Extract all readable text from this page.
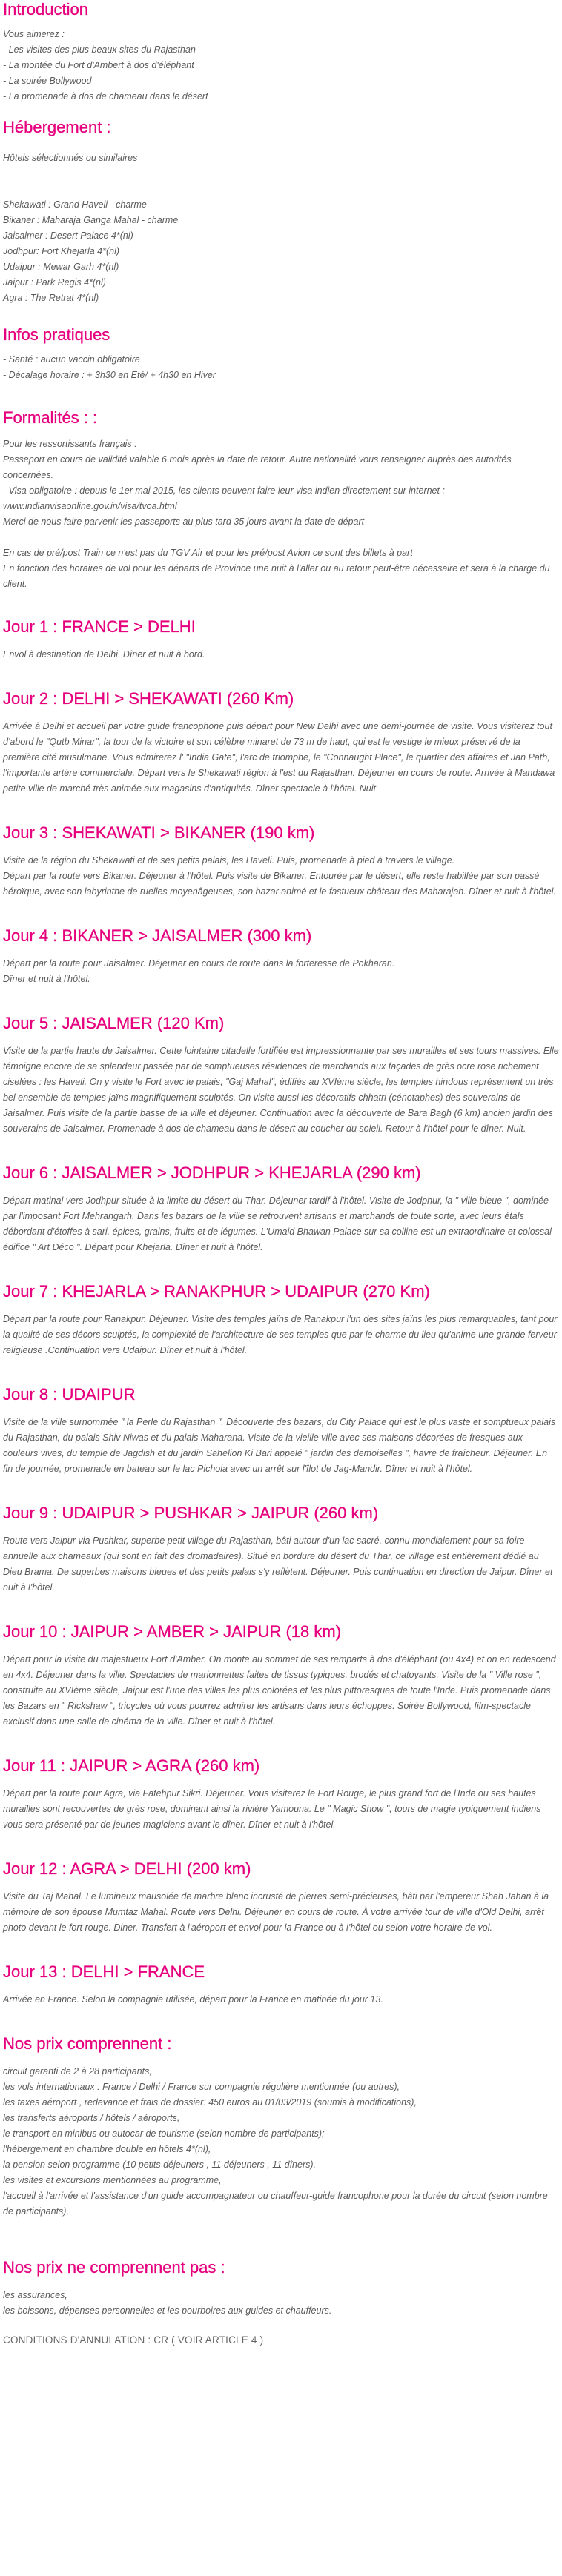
Introduction
Vous aimerez :
- Les visites des plus beaux sites du Rajasthan
- La montée du Fort d'Ambert à dos d'éléphant
- La soirée Bollywood
- La promenade à dos de chameau dans le désert
Hébergement :
Hôtels sélectionnés ou similaires
Shekawati : Grand Haveli - charme
Bikaner : Maharaja Ganga Mahal - charme
Jaisalmer : Desert Palace 4*(nl)
Jodhpur: Fort Khejarla 4*(nl)
Udaipur : Mewar Garh 4*(nl)
Jaipur : Park Regis 4*(nl)
Agra : The Retrat 4*(nl)
Infos pratiques
- Santé : aucun vaccin obligatoire
- Décalage horaire : + 3h30 en Eté/ + 4h30 en Hiver
Formalités : :
Pour les ressortissants français :
Passeport en cours de validité valable 6 mois après la date de retour. Autre nationalité vous renseigner auprès des autorités concernées.
- Visa obligatoire : depuis le 1er mai 2015, les clients peuvent faire leur visa indien directement sur internet : www.indianvisaonline.gov.in/visa/tvoa.html
Merci de nous faire parvenir les passeports au plus tard 35 jours avant la date de départ
En cas de pré/post Train ce n'est pas du TGV Air et pour les pré/post Avion ce sont des billets à part
En fonction des horaires de vol pour les départs de Province une nuit à l'aller ou au retour peut-être nécessaire et sera à la charge du client.
Jour 1 : FRANCE > DELHI
Envol à destination de Delhi. Dîner et nuit à bord.
Jour 2 : DELHI > SHEKAWATI (260 Km)
Arrivée à Delhi et accueil par votre guide francophone puis départ pour New Delhi avec une demi-journée de visite. Vous visiterez tout d'abord le "Qutb Minar", la tour de la victoire et son célèbre minaret de 73 m de haut, qui est le vestige le mieux préservé de la première cité musulmane. Vous admirerez l' "India Gate", l'arc de triomphe, le "Connaught Place", le quartier des affaires et Jan Path, l'importante artère commerciale. Départ vers le Shekawati région à l'est du Rajasthan. Déjeuner en cours de route. Arrivée à Mandawa petite ville de marché très animée aux magasins d'antiquités. Dîner spectacle à l'hôtel. Nuit
Jour 3 : SHEKAWATI > BIKANER (190 km)
Visite de la région du Shekawati et de ses petits palais, les Haveli. Puis, promenade à pied à travers le village.
Départ par la route vers Bikaner. Déjeuner à l'hôtel. Puis visite de Bikaner. Entourée par le désert, elle reste habillée par son passé héroïque, avec son labyrinthe de ruelles moyenâgeuses, son bazar animé et le fastueux château des Maharajah. Dîner et nuit à l'hôtel.
Jour 4 : BIKANER > JAISALMER (300 km)
Départ par la route pour Jaisalmer. Déjeuner en cours de route dans la forteresse de Pokharan.
Dîner et nuit à l'hôtel.
Jour 5 : JAISALMER (120 Km)
Visite de la partie haute de Jaisalmer. Cette lointaine citadelle fortifiée est impressionnante par ses murailles et ses tours massives. Elle témoigne encore de sa splendeur passée par de somptueuses résidences de marchands aux façades de grès ocre rose richement ciselées : les Haveli. On y visite le Fort avec le palais, "Gaj Mahal", édifiés au XVIème siècle, les temples hindous représentent un très bel ensemble de temples jaïns magnifiquement sculptés. On visite aussi les décoratifs chhatri (cénotaphes) des souverains de Jaisalmer. Puis visite de la partie basse de la ville et déjeuner. Continuation avec la découverte de Bara Bagh (6 km) ancien jardin des souverains de Jaisalmer. Promenade à dos de chameau dans le désert au coucher du soleil. Retour à l'hôtel pour le dîner. Nuit.
Jour 6 : JAISALMER > JODHPUR > KHEJARLA (290 km)
Départ matinal vers Jodhpur située à la limite du désert du Thar. Déjeuner tardif à l'hôtel. Visite de Jodphur, la " ville bleue ", dominée par l'imposant Fort Mehrangarh. Dans les bazars de la ville se retrouvent artisans et marchands de toute sorte, avec leurs étals débordant d'étoffes à sari, épices, grains, fruits et de légumes. L'Umaid Bhawan Palace sur sa colline est un extraordinaire et colossal édifice " Art Déco ". Départ pour Khejarla. Dîner et nuit à l'hôtel.
Jour 7 : KHEJARLA > RANAKPHUR > UDAIPUR (270 Km)
Départ par la route pour Ranakpur. Déjeuner. Visite des temples jaïns de Ranakpur l'un des sites jaïns les plus remarquables, tant pour la qualité de ses décors sculptés, la complexité de l'architecture de ses temples que par le charme du lieu qu'anime une grande ferveur religieuse .Continuation vers Udaipur. Dîner et nuit à l'hôtel.
Jour 8 : UDAIPUR
Visite de la ville surnommée " la Perle du Rajasthan ". Découverte des bazars, du City Palace qui est le plus vaste et somptueux palais du Rajasthan, du palais Shiv Niwas et du palais Maharana. Visite de la vieille ville avec ses maisons décorées de fresques aux couleurs vives, du temple de Jagdish et du jardin Sahelion Ki Bari appelé " jardin des demoiselles ", havre de fraîcheur. Déjeuner. En fin de journée, promenade en bateau sur le lac Pichola avec un arrêt sur l'îlot de Jag-Mandir. Dîner et nuit à l'hôtel.
Jour 9 : UDAIPUR > PUSHKAR > JAIPUR (260 km)
Route vers Jaipur via Pushkar, superbe petit village du Rajasthan, bâti autour d'un lac sacré, connu mondialement pour sa foire annuelle aux chameaux (qui sont en fait des dromadaires). Situé en bordure du désert du Thar, ce village est entièrement dédié au Dieu Brama. De superbes maisons bleues et des petits palais s'y reflètent. Déjeuner. Puis continuation en direction de Jaipur. Dîner et nuit à l'hôtel.
Jour 10 : JAIPUR > AMBER > JAIPUR (18 km)
Départ pour la visite du majestueux Fort d'Amber. On monte au sommet de ses remparts à dos d'éléphant (ou 4x4) et on en redescend en 4x4. Déjeuner dans la ville. Spectacles de marionnettes faites de tissus typiques, brodés et chatoyants. Visite de la " Ville rose ", construite au XVIème siècle, Jaipur est l'une des villes les plus colorées et les plus pittoresques de toute l'Inde. Puis promenade dans les Bazars en " Rickshaw ", tricycles où vous pourrez admirer les artisans dans leurs échoppes. Soirée Bollywood, film-spectacle exclusif dans une salle de cinéma de la ville. Dîner et nuit à l'hôtel.
Jour 11 : JAIPUR > AGRA (260 km)
Départ par la route pour Agra, via Fatehpur Sikri. Déjeuner. Vous visiterez le Fort Rouge, le plus grand fort de l'Inde ou ses hautes murailles sont recouvertes de grès rose, dominant ainsi la rivière Yamouna. Le " Magic Show ", tours de magie typiquement indiens vous sera présenté par de jeunes magiciens avant le dîner. Dîner et nuit à l'hôtel.
Jour 12 : AGRA > DELHI (200 km)
Visite du Taj Mahal. Le lumineux mausolée de marbre blanc incrusté de pierres semi-précieuses, bâti par l'empereur Shah Jahan à la mémoire de son épouse Mumtaz Mahal. Route vers Delhi. Déjeuner en cours de route. À votre arrivée tour de ville d'Old Delhi, arrêt photo devant le fort rouge. Diner. Transfert à l'aéroport et envol pour la France ou à l'hôtel ou selon votre horaire de vol.
Jour 13 : DELHI > FRANCE
Arrivée en France. Selon la compagnie utilisée, départ pour la France en matinée du jour 13.
Nos prix comprennent :
circuit garanti de 2 à 28 participants,
les vols internationaux : France / Delhi / France sur compagnie régulière mentionnée (ou autres),
les taxes aéroport , redevance et frais de dossier: 450 euros au 01/03/2019 (soumis à modifications),
les transferts aéroports / hôtels / aéroports,
le transport en minibus ou autocar de tourisme (selon nombre de participants);
l'hébergement en chambre double en hôtels 4*(nl),
la pension selon programme (10 petits déjeuners , 11 déjeuners , 11 dîners),
les visites et excursions mentionnées au programme,
l'accueil à l'arrivée et l'assistance d'un guide accompagnateur ou chauffeur-guide francophone pour la durée du circuit (selon nombre de participants),
Nos prix ne comprennent pas :
les assurances,
les boissons, dépenses personnelles et les pourboires aux guides et chauffeurs.
CONDITIONS D'ANNULATION : CR ( VOIR ARTICLE 4 )
